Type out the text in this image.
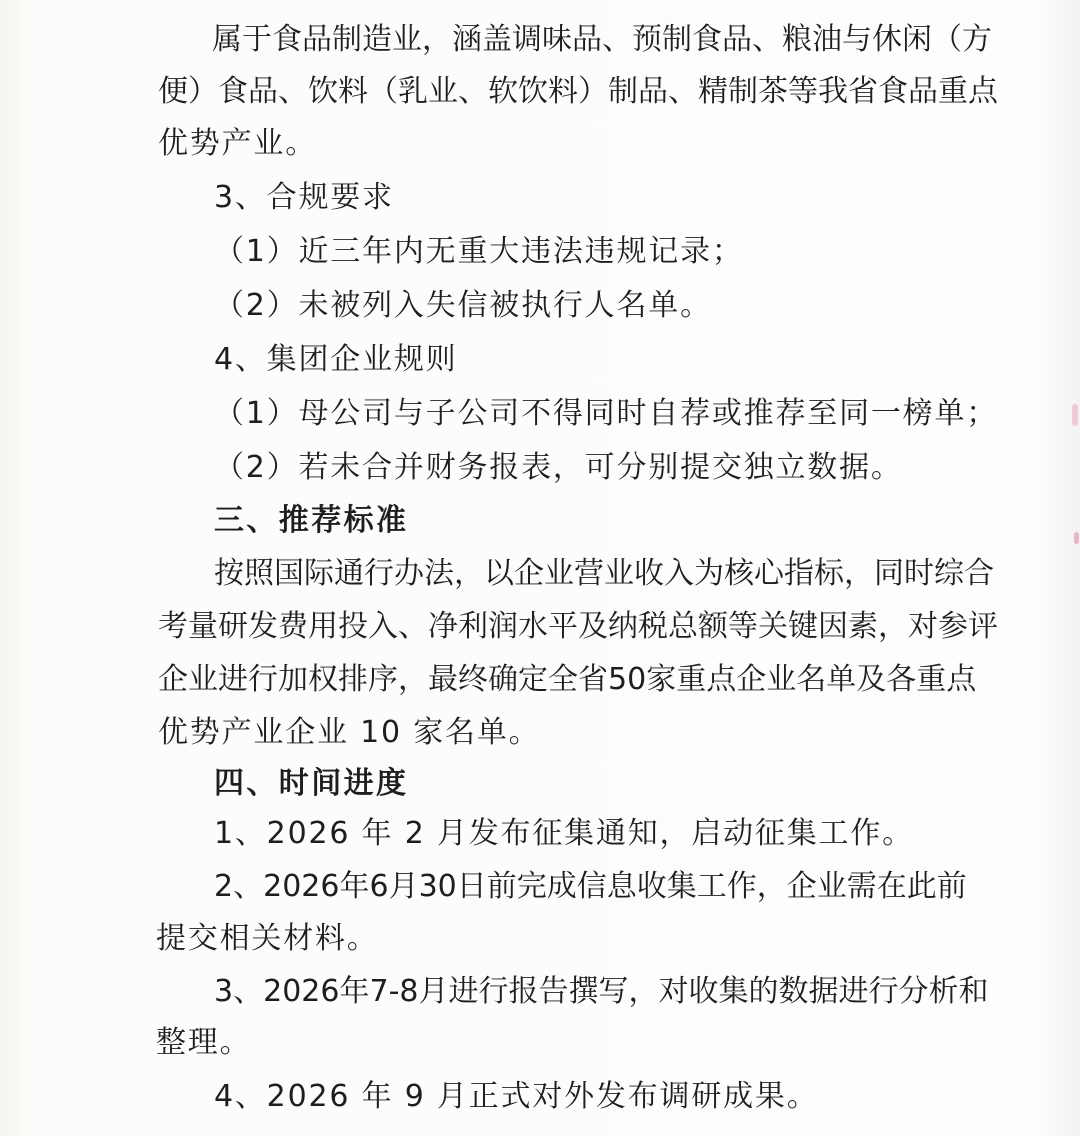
属 于 食 品 制 造 业 ， 涵 盖 调 味 品 、 预 制 食 品 、 粮 油 与 休 闲 （ 方

便 ） 食 品 、 饮 料 （ 乳 业 、 软 饮 料 ） 制 品 、 精 制 茶 等 我 省 食 品 重 点

优势产业。

3、合规要求

（1）近三年内无重大违法违规记录；

（2）未被列入失信被执行人名单。

4、集团企业规则

（1）母公司与子公司不得同时自荐或推荐至同一榜单；

（2）若未合并财务报表，可分别提交独立数据。

三、推荐标准

按 照 国 际 通 行 办 法 ， 以 企 业 营 业 收 入 为 核 心 指 标 ， 同 时 综 合

考 量 研 发 费 用 投 入 、 净 利 润 水 平 及 纳 税 总 额 等 关 键 因 素 ， 对 参 评

企 业 进 行 加 权 排 序 ， 最 终 确 定 全 省 5 0 家 重 点 企 业 名 单 及 各 重 点

优势产业企业 10 家名单。

四、时间进度

1、2026 年 2 月发布征集通知，启动征集工作。

2 、 2 0 2 6 年 6 月 3 0 日 前 完 成 信 息 收 集 工 作 ， 企 业 需 在 此 前

提交相关材料。

3 、 2 0 2 6 年 7 - 8 月 进 行 报 告 撰 写 ， 对 收 集 的 数 据 进 行 分 析 和

整理。

4、2026 年 9 月正式对外发布调研成果。
